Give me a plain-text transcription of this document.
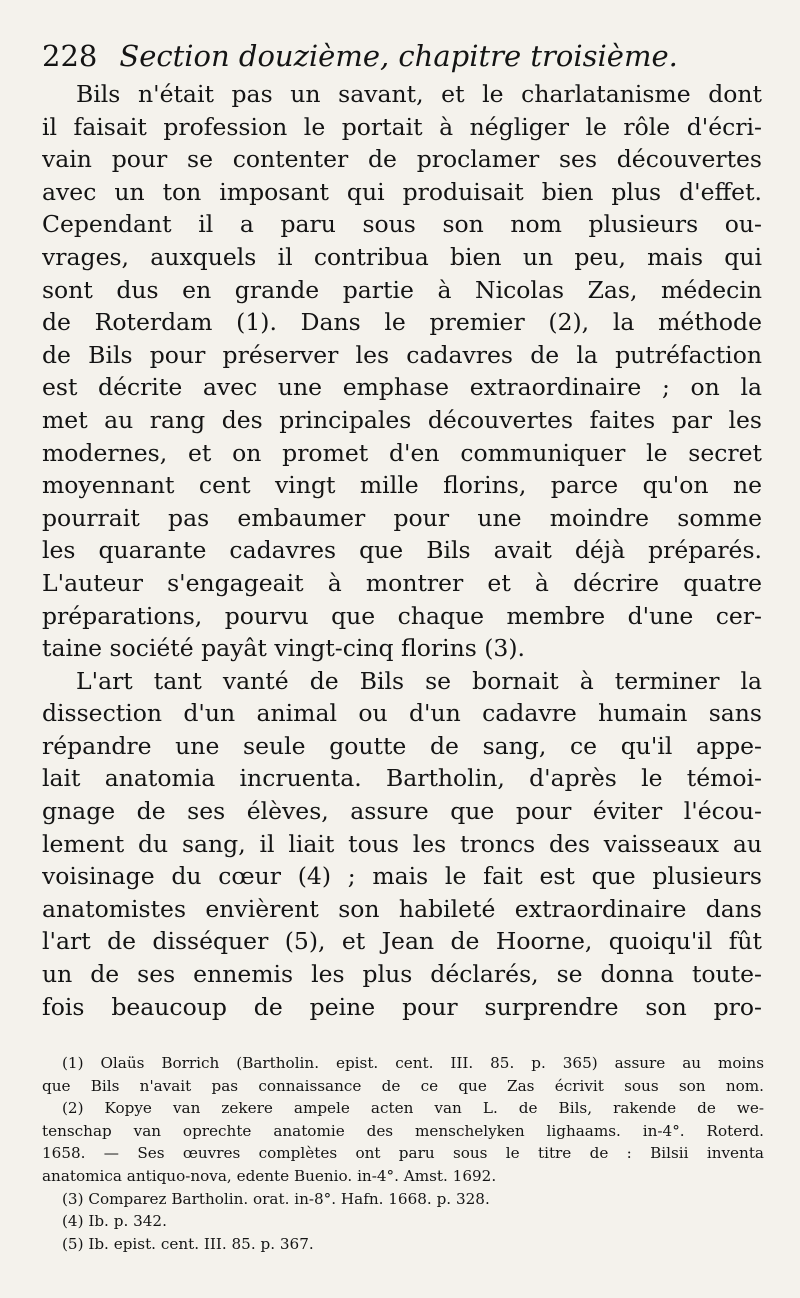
228 Section douzième, chapitre troisième.
Bils n'était pas un savant, et le charlatanisme dont
il faisait profession le portait à négliger le rôle d'écri-
vain pour se contenter de proclamer ses découvertes
avec un ton imposant qui produisait bien plus d'effet.
Cependant il a paru sous son nom plusieurs ou-
vrages, auxquels il contribua bien un peu, mais qui
sont dus en grande partie à Nicolas Zas, médecin
de Roterdam (1). Dans le premier (2), la méthode
de Bils pour préserver les cadavres de la putréfaction
est décrite avec une emphase extraordinaire ; on la
met au rang des principales découvertes faites par les
modernes, et on promet d'en communiquer le secret
moyennant cent vingt mille florins, parce qu'on ne
pourrait pas embaumer pour une moindre somme
les quarante cadavres que Bils avait déjà préparés.
L'auteur s'engageait à montrer et à décrire quatre
préparations, pourvu que chaque membre d'une cer-
taine société payât vingt-cinq florins (3).
L'art tant vanté de Bils se bornait à terminer la
dissection d'un animal ou d'un cadavre humain sans
répandre une seule goutte de sang, ce qu'il appe-
lait anatomia incruenta. Bartholin, d'après le témoi-
gnage de ses élèves, assure que pour éviter l'écou-
lement du sang, il liait tous les troncs des vaisseaux au
voisinage du cœur (4) ; mais le fait est que plusieurs
anatomistes envièrent son habileté extraordinaire dans
l'art de disséquer (5), et Jean de Hoorne, quoiqu'il fût
un de ses ennemis les plus déclarés, se donna toute-
fois beaucoup de peine pour surprendre son pro-
(1) Olaüs Borrich (Bartholin. epist. cent. III. 85. p. 365) assure au moins
que Bils n'avait pas connaissance de ce que Zas écrivit sous son nom.
(2) Kopye van zekere ampele acten van L. de Bils, rakende de we-
tenschap van oprechte anatomie des menschelyken lighaams. in-4°. Roterd.
1658. — Ses œuvres complètes ont paru sous le titre de : Bilsii inventa
anatomica antiquo-nova, edente Buenio. in-4°. Amst. 1692.
(3) Comparez Bartholin. orat. in-8°. Hafn. 1668. p. 328.
(4) Ib. p. 342.
(5) Ib. epist. cent. III. 85. p. 367.
